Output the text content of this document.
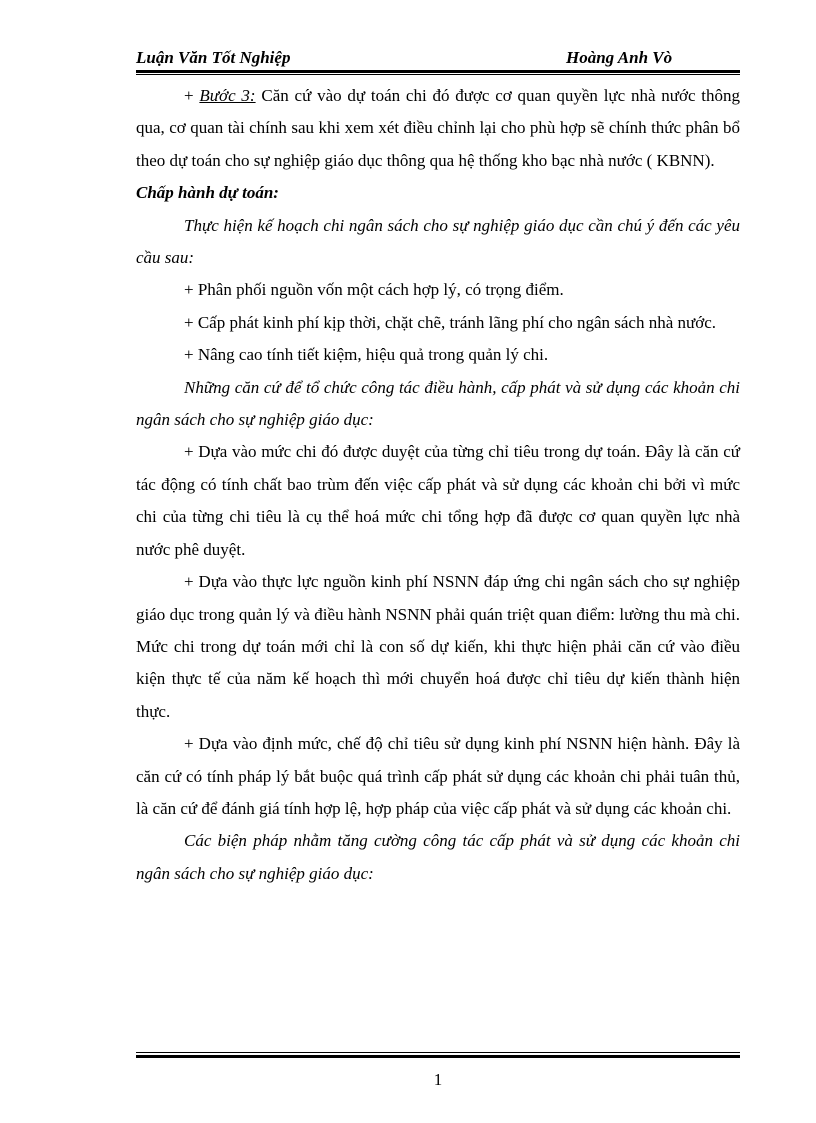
Luận Văn Tốt Nghiệp	Hoàng Anh Vò

+ Bước 3: Căn cứ vào dự toán chi đó được cơ quan quyền lực nhà nước thông qua, cơ quan tài chính sau khi xem xét điều chỉnh lại cho phù hợp sẽ chính thức phân bổ theo dự toán cho sự nghiệp giáo dục thông qua hệ thống kho bạc nhà nước ( KBNN).

Chấp hành dự toán:

Thực hiện kế hoạch chi ngân sách cho sự nghiệp giáo dục cần chú ý đến các yêu cầu sau:

+ Phân phối nguồn vốn một cách hợp lý, có trọng điểm.

+ Cấp phát kinh phí kịp thời, chặt chẽ, tránh lãng phí cho ngân sách nhà nước.

+ Nâng cao tính tiết kiệm, hiệu quả trong quản lý chi.

Những căn cứ để tổ chức công tác điều hành, cấp phát và sử dụng các khoản chi ngân sách cho sự nghiệp giáo dục:

+ Dựa vào mức chi đó được duyệt của từng chỉ tiêu trong dự toán. Đây là căn cứ tác động có tính chất bao trùm đến việc cấp phát và sử dụng các khoản chi bởi vì mức chi của từng chi tiêu là cụ thể hoá mức chi tổng hợp đã được cơ quan quyền lực nhà nước phê duyệt.

+ Dựa vào thực lực nguồn kinh phí NSNN đáp ứng chi ngân sách cho sự nghiệp giáo dục trong quản lý và điều hành NSNN phải quán triệt quan điểm: lường thu mà chi. Mức chi trong dự toán mới chỉ là con số dự kiến, khi thực hiện phải căn cứ vào điều kiện thực tế của năm kế hoạch thì mới chuyển hoá được chỉ tiêu dự kiến thành hiện thực.

+ Dựa vào định mức, chế độ chỉ tiêu sử dụng kinh phí NSNN hiện hành. Đây là căn cứ có tính pháp lý bắt buộc quá trình cấp phát sử dụng các khoản chi phải tuân thủ, là căn cứ để đánh giá tính hợp lệ, hợp pháp của việc cấp phát và sử dụng các khoản chi.

Các biện pháp nhằm tăng cường công tác cấp phát và sử dụng các khoản chi ngân sách cho sự nghiệp giáo dục:

1
